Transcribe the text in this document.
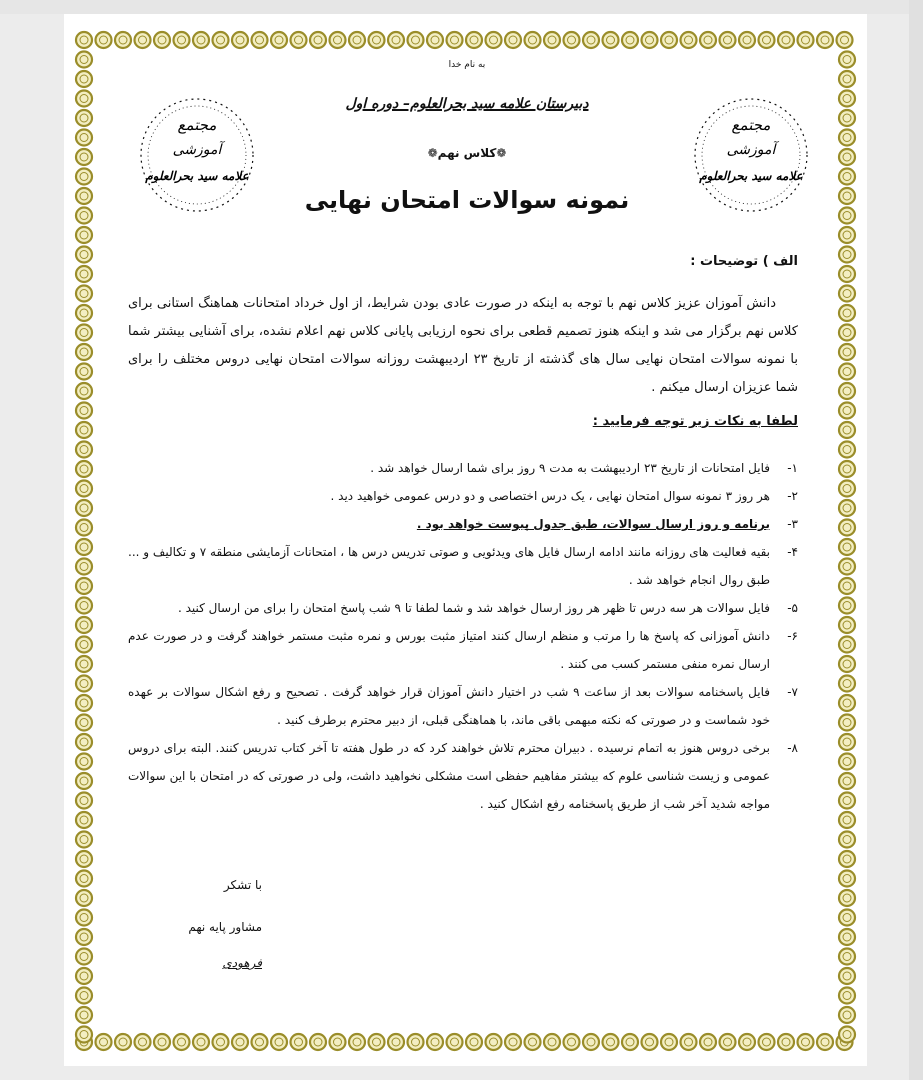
به نام خدا
دبیرستان علامه سید بحرالعلوم– دوره اول
❁کلاس نهم❁
نمونه سوالات امتحان نهایی
مجتمع
آموزشی
علامه سید بحرالعلوم
مجتمع
آموزشی
علامه سید بحرالعلوم
الف ) توضیحات :
دانش آموزان عزیز کلاس نهم با توجه به اینکه در صورت عادی بودن شرایط، از اول خرداد امتحانات هماهنگ استانی برای کلاس نهم برگزار می شد و اینکه هنوز تصمیم قطعی برای نحوه ارزیابی پایانی کلاس نهم اعلام نشده، برای آشنایی بیشتر شما با نمونه سوالات امتحان نهایی سال های گذشته از تاریخ ۲۳ اردیبهشت روزانه سوالات امتحان نهایی دروس مختلف را برای شما عزیزان ارسال میکنم .
لطفا به نکات زیر توجه فرمایید :
۱-
فایل امتحانات از تاریخ ۲۳ اردیبهشت به مدت ۹ روز برای شما ارسال خواهد شد .
۲-
هر روز ۳ نمونه سوال امتحان نهایی ، یک درس اختصاصی و دو درس عمومی خواهید دید .
۳-
برنامه و روز ارسال سوالات، طبق جدول پیوست خواهد بود .
۴-
بقیه فعالیت های روزانه مانند ادامه ارسال فایل های ویدئویی و صوتی تدریس درس ها ، امتحانات آزمایشی منطقه ۷ و تکالیف و ... طبق روال انجام خواهد شد .
۵-
فایل سوالات هر سه درس تا ظهر هر روز ارسال خواهد شد و شما لطفا تا ۹ شب پاسخ امتحان را برای من ارسال کنید .
۶-
دانش آموزانی که پاسخ ها را مرتب و منظم ارسال کنند امتیاز مثبت بورس و نمره مثبت مستمر خواهند گرفت و در صورت عدم ارسال نمره منفی مستمر کسب می کنند .
۷-
فایل پاسخنامه سوالات بعد از ساعت ۹ شب در اختیار دانش آموزان قرار خواهد گرفت . تصحیح و رفع اشکال سوالات بر عهده خود شماست و در صورتی که نکته مبهمی باقی ماند، با هماهنگی قبلی، از دبیر محترم برطرف کنید .
۸-
برخی دروس هنوز به اتمام نرسیده . دبیران محترم تلاش خواهند کرد که در طول هفته تا آخر کتاب تدریس کنند. البته برای دروس عمومی و زیست شناسی علوم که بیشتر مفاهیم حفظی است مشکلی نخواهید داشت، ولی در صورتی که در امتحان با این سوالات مواجه شدید آخر شب از طریق پاسخنامه رفع اشکال کنید .
با تشکر
مشاور پایه نهم
فرهودی
